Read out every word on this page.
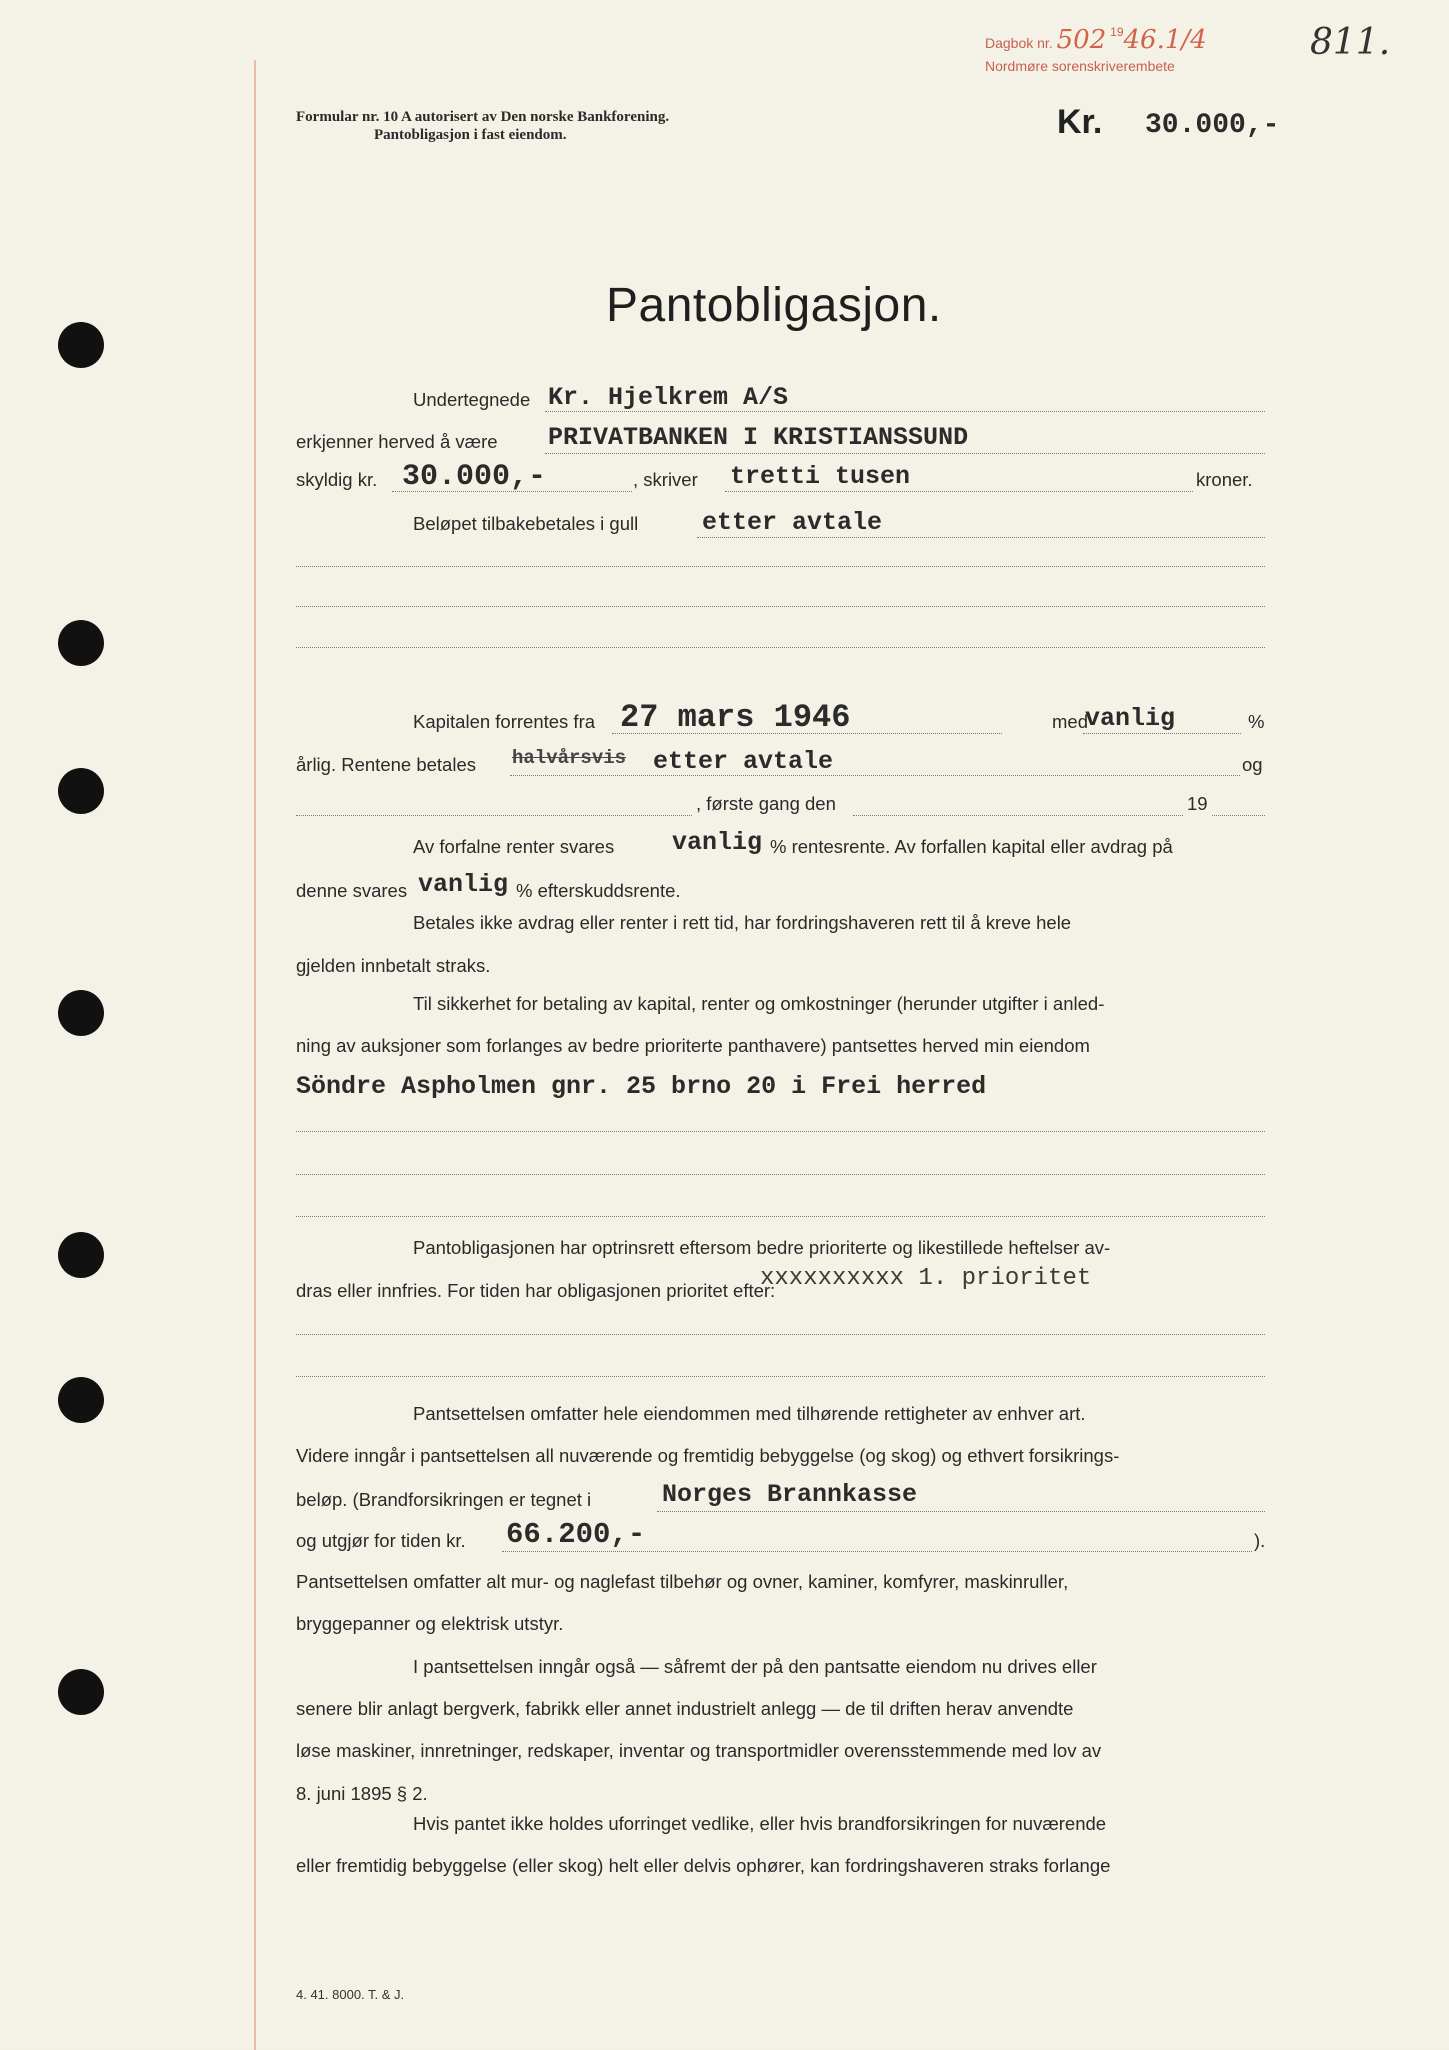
Dagbok nr. 502 1946.1/4
Nordmøre sorenskriverembete
811.
Formular nr. 10 A autorisert av Den norske Bankforening.
Pantobligasjon i fast eiendom.	Kr. 30.000,-
Pantobligasjon.
Undertegnede Kr. Hjelkrem A/S
erkjenner herved å være PRIVATBANKEN I KRISTIANSSUND
skyldig kr. 30.000,-	, skriver tretti tusen	kroner.
Beløpet tilbakebetales i gull	etter avtale
Kapitalen forrentes fra 27 mars 1946	med
vanlig	%
årlig. Rentene betales halvårsvis etter avtale	og
, første gang den	19
Av forfalne renter svares vanlig % rentesrente. Av forfallen kapital eller avdrag på
denne svares vanlig % efterskuddsrente.
Betales ikke avdrag eller renter i rett tid, har fordringshaveren rett til å kreve hele
gjelden innbetalt straks.
Til sikkerhet for betaling av kapital, renter og omkostninger (herunder utgifter i anled-
ning av auksjoner som forlanges av bedre prioriterte panthavere) pantsettes herved min eiendom
Söndre Aspholmen gnr. 25 brno 20 i Frei herred
Pantobligasjonen har optrinsrett eftersom bedre prioriterte og likestillede heftelser av-
dras eller innfries. For tiden har obligasjonen prioritet efter:
xxxxxxxxxx 1. prioritet
Pantsettelsen omfatter hele eiendommen med tilhørende rettigheter av enhver art.
Videre inngår i pantsettelsen all nuværende og fremtidig bebyggelse (og skog) og ethvert forsikrings-
beløp. (Brandforsikringen er tegnet i	Norges Brannkasse
og utgjør for tiden kr. 66.200,-	).
Pantsettelsen omfatter alt mur- og naglefast tilbehør og ovner, kaminer, komfyrer, maskinruller,
bryggepanner og elektrisk utstyr.
I pantsettelsen inngår også — såfremt der på den pantsatte eiendom nu drives eller
senere blir anlagt bergverk, fabrikk eller annet industrielt anlegg — de til driften herav anvendte
løse maskiner, innretninger, redskaper, inventar og transportmidler overensstemmende med lov av
8. juni 1895 § 2.
Hvis pantet ikke holdes uforringet vedlike, eller hvis brandforsikringen for nuværende
eller fremtidig bebyggelse (eller skog) helt eller delvis ophører, kan fordringshaveren straks forlange
4. 41. 8000. T. & J.
